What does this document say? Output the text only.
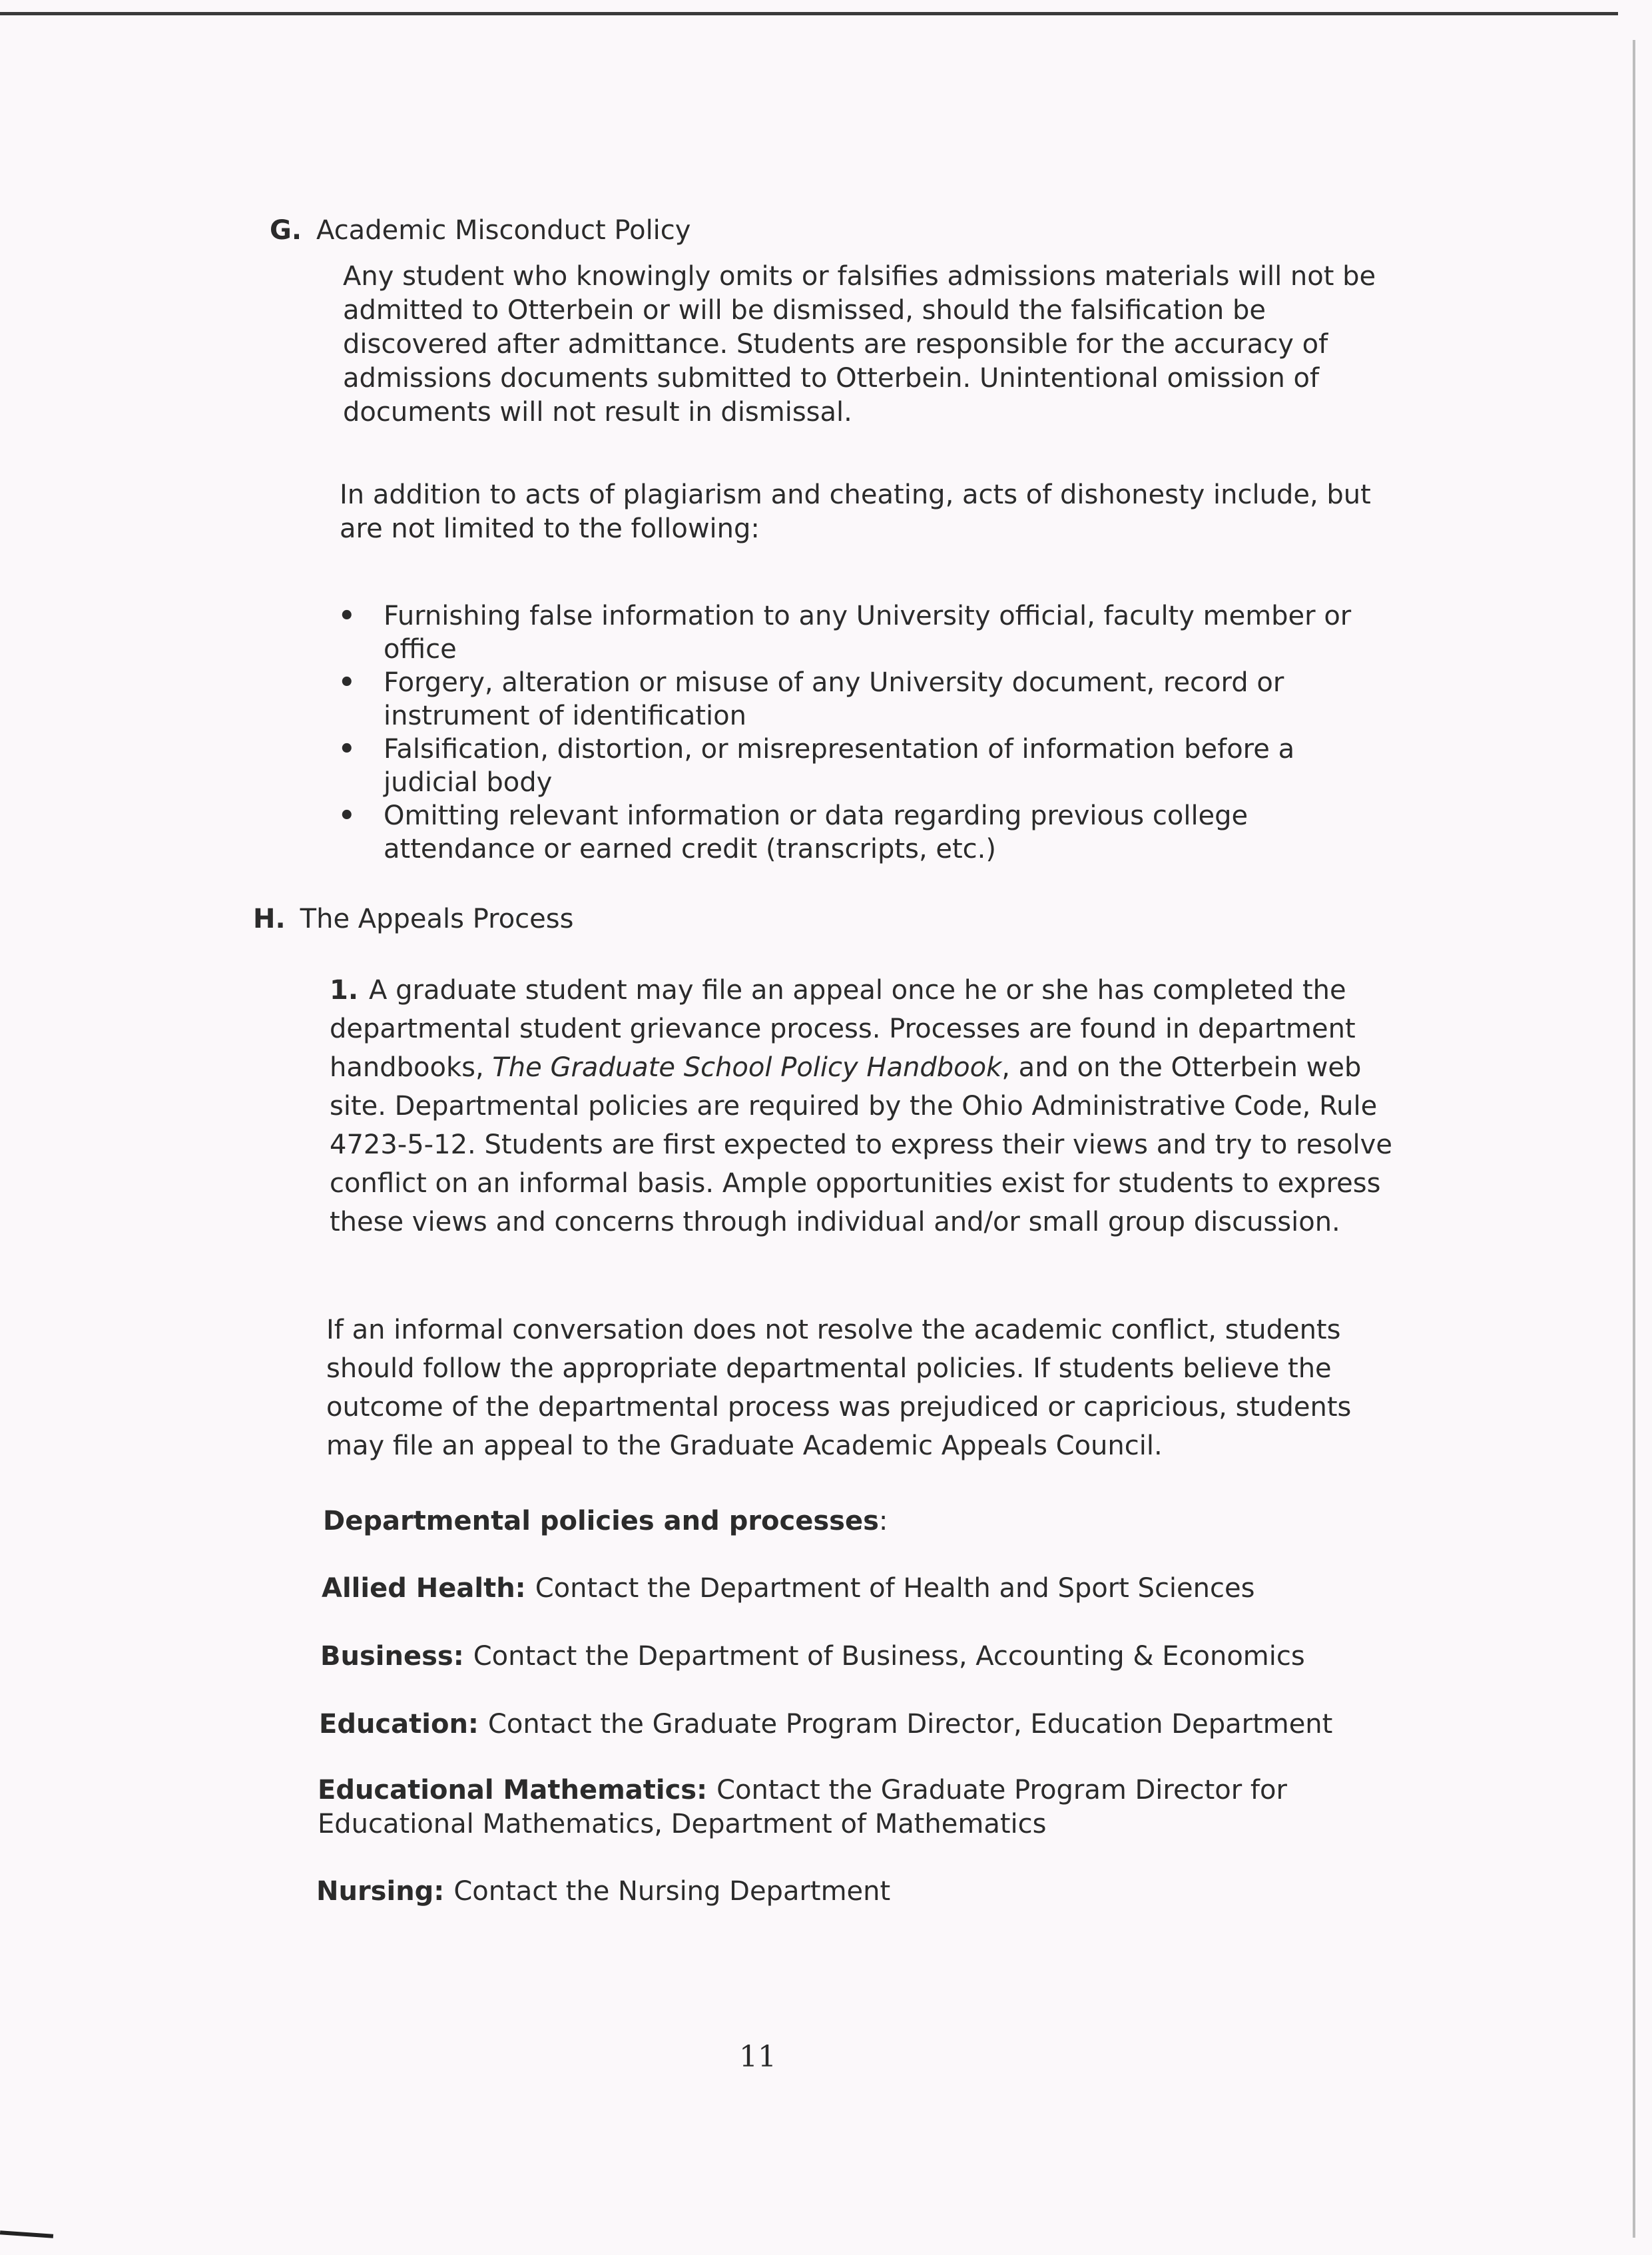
G. Academic Misconduct Policy

Any student who knowingly omits or falsifies admissions materials will not be admitted to Otterbein or will be dismissed, should the falsification be discovered after admittance. Students are responsible for the accuracy of admissions documents submitted to Otterbein. Unintentional omission of documents will not result in dismissal.

In addition to acts of plagiarism and cheating, acts of dishonesty include, but are not limited to the following:

• Furnishing false information to any University official, faculty member or office
• Forgery, alteration or misuse of any University document, record or instrument of identification
• Falsification, distortion, or misrepresentation of information before a judicial body
• Omitting relevant information or data regarding previous college attendance or earned credit (transcripts, etc.)
H. The Appeals Process

1. A graduate student may file an appeal once he or she has completed the departmental student grievance process. Processes are found in department handbooks, The Graduate School Policy Handbook, and on the Otterbein web site. Departmental policies are required by the Ohio Administrative Code, Rule 4723-5-12. Students are first expected to express their views and try to resolve conflict on an informal basis. Ample opportunities exist for students to express these views and concerns through individual and/or small group discussion.

If an informal conversation does not resolve the academic conflict, students should follow the appropriate departmental policies. If students believe the outcome of the departmental process was prejudiced or capricious, students may file an appeal to the Graduate Academic Appeals Council.

Departmental policies and processes:
Allied Health: Contact the Department of Health and Sport Sciences
Business: Contact the Department of Business, Accounting & Economics
Education: Contact the Graduate Program Director, Education Department
Educational Mathematics: Contact the Graduate Program Director for Educational Mathematics, Department of Mathematics
Nursing: Contact the Nursing Department
11
